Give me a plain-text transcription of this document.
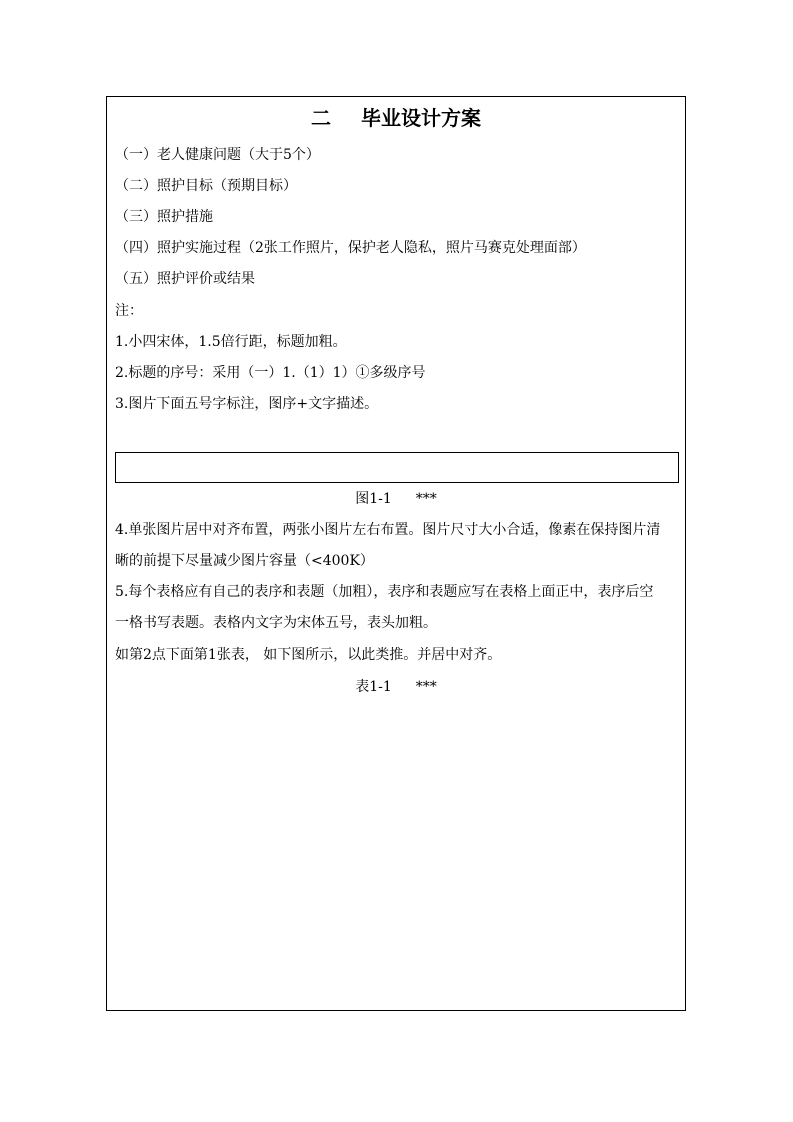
二 毕业设计方案
（一）老人健康问题（大于5个）
（二）照护目标（预期目标）
（三）照护措施
（四）照护实施过程（2张工作照片，保护老人隐私，照片马赛克处理面部）
（五）照护评价或结果
注：
1.小四宋体，1.5倍行距，标题加粗。
2.标题的序号：采用（一）1.（1）1）①多级序号
3.图片下面五号字标注，图序+文字描述。
图1-1 ***
4.单张图片居中对齐布置，两张小图片左右布置。图片尺寸大小合适，像素在保持图片清
晰的前提下尽量减少图片容量（<400K）
5.每个表格应有自己的表序和表题（加粗），表序和表题应写在表格上面正中，表序后空
一格书写表题。表格内文字为宋体五号，表头加粗。
如第2点下面第1张表， 如下图所示，以此类推。并居中对齐。
表1-1 ***
